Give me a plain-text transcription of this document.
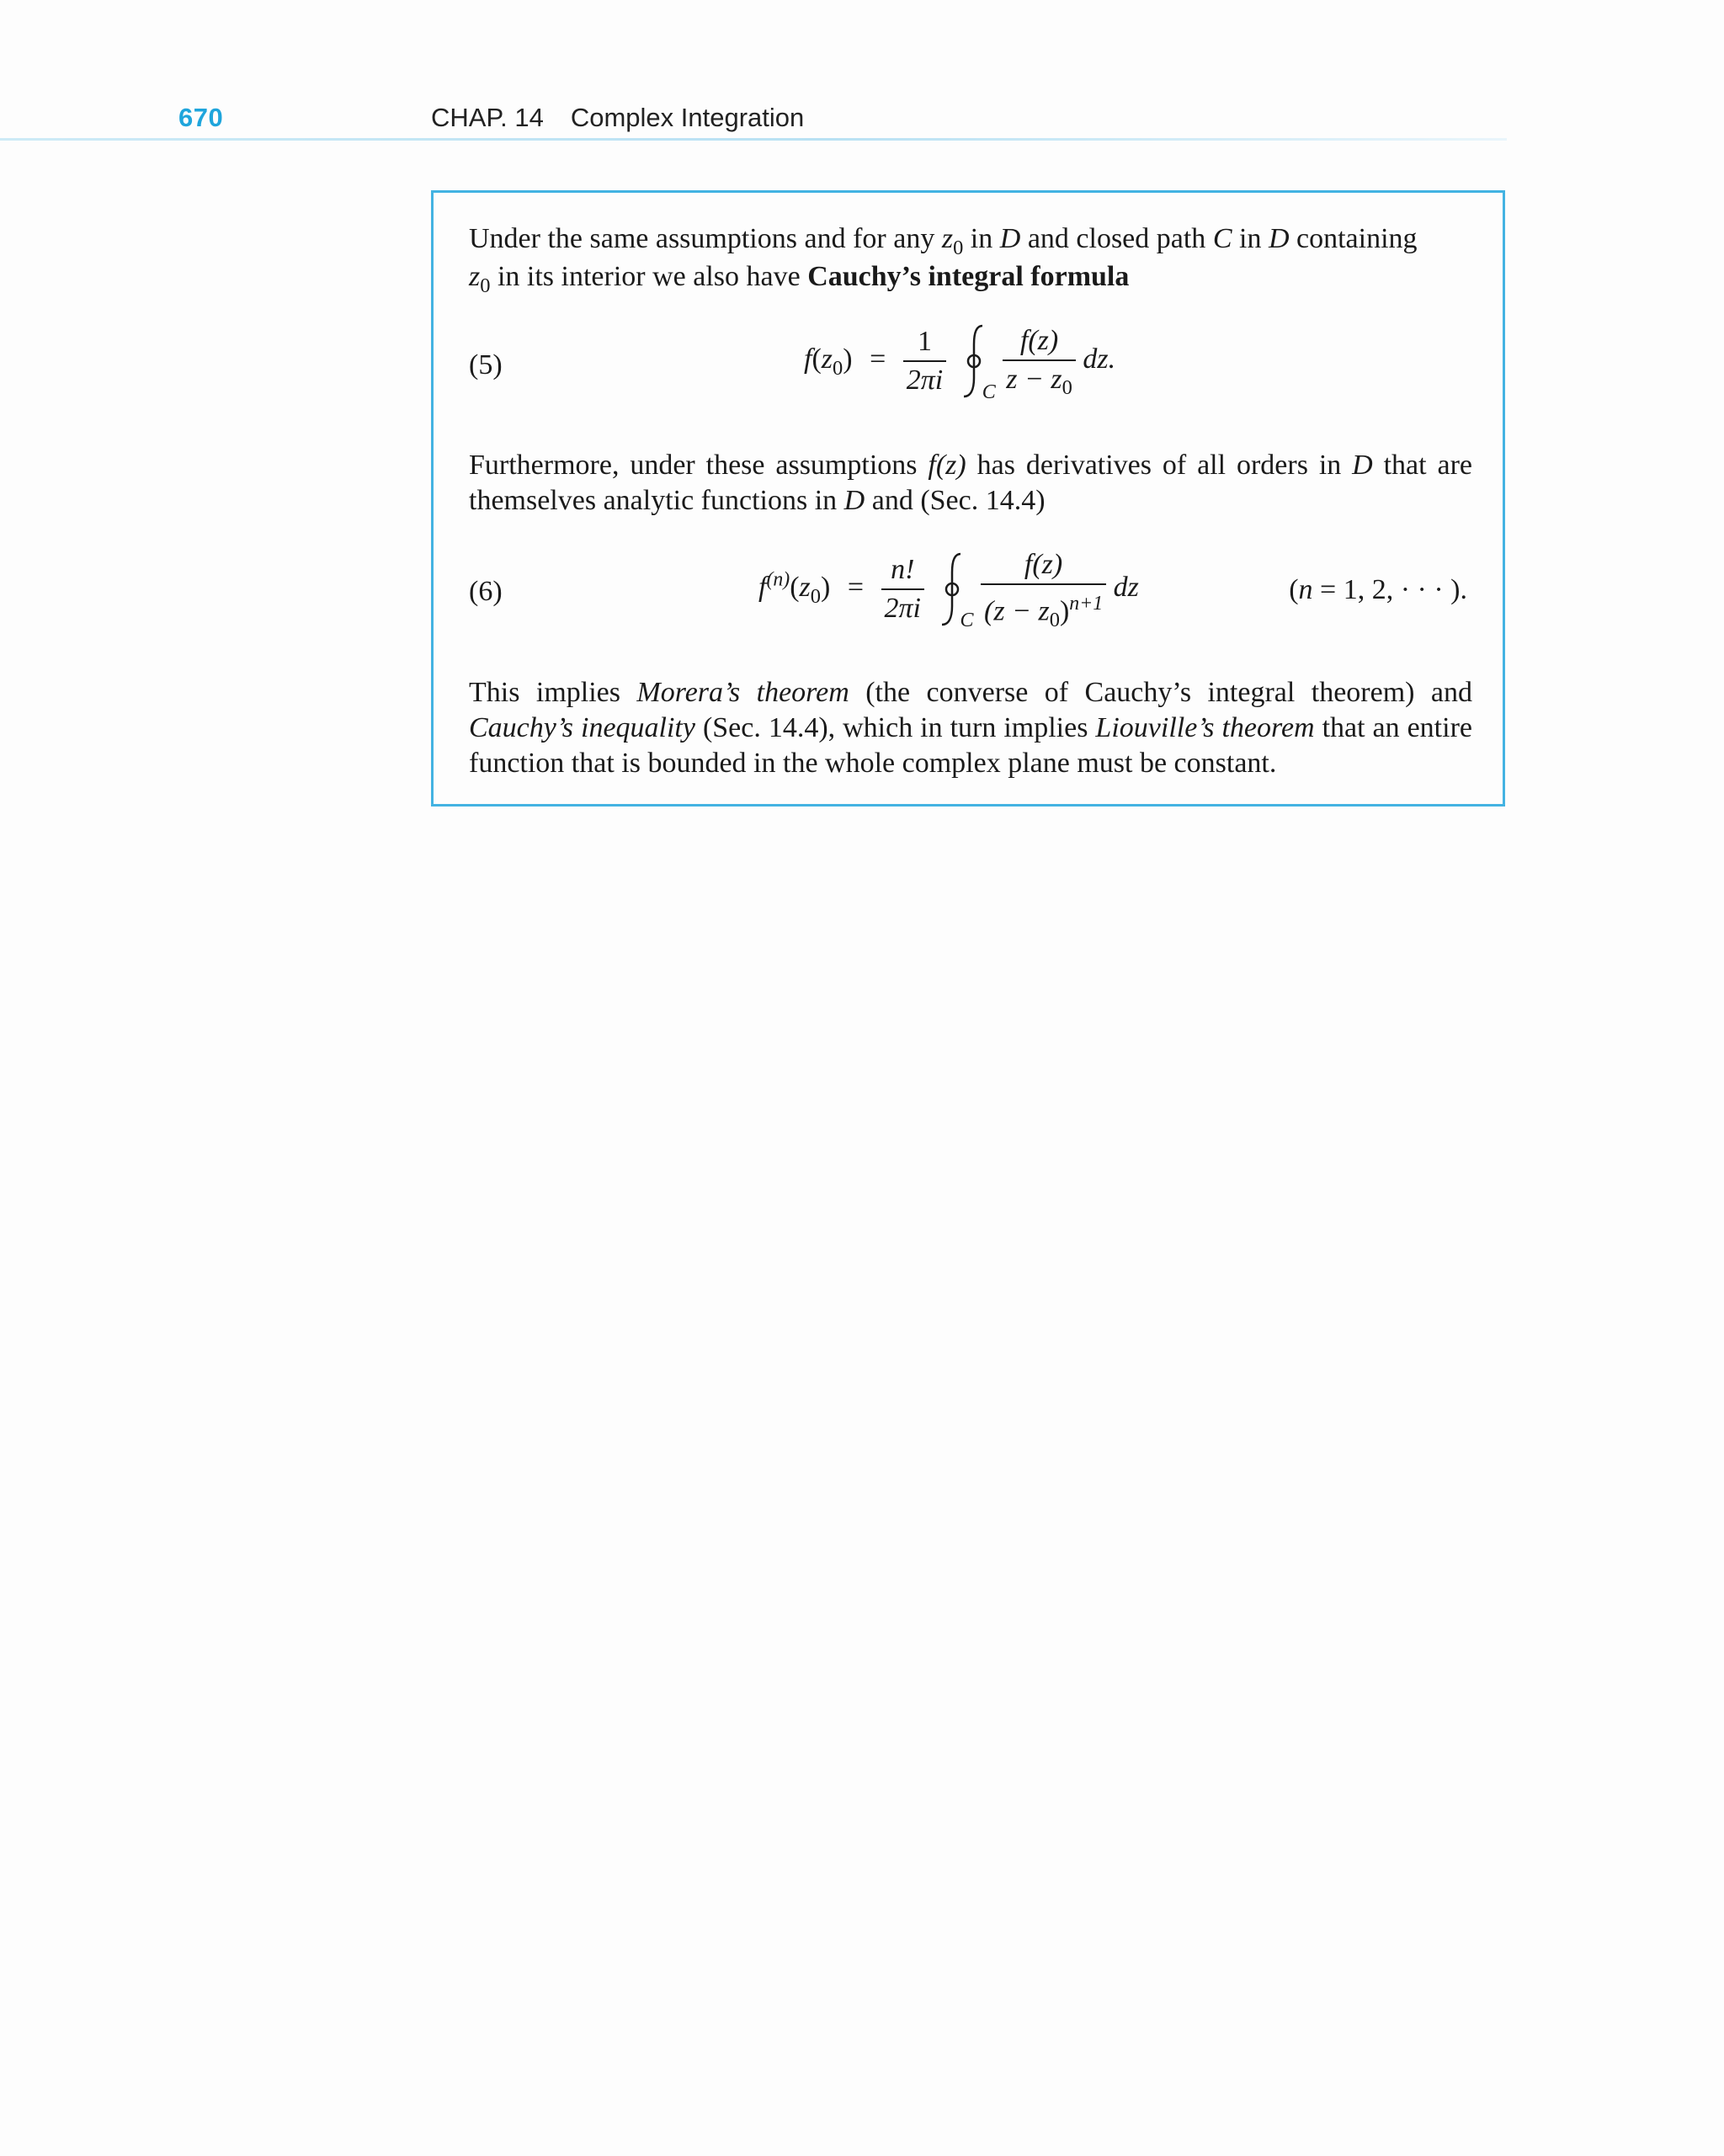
670	CHAP. 14 Complex Integration
Under the same assumptions and for any $z_0$ in D and closed path C in D containing
$z_0$ in its interior we also have Cauchy’s integral formula
(5)	$f(z_0) = \frac{1}{2\pi i}$
C
$\frac{f(z)}{z - z_0}$ dz.
Furthermore, under these assumptions f(z) has derivatives of all orders in D that are themselves analytic functions in D and (Sec. 14.4)
(6)	$f^{(n)}(z_0) = \frac{n!}{2\pi i}$
C
$\frac{f(z)}{(z - z_0)^{n+1}}$ dz	(n = 1, 2, · · · ).
This implies Morera’s theorem (the converse of Cauchy’s integral theorem) and Cauchy’s inequality (Sec. 14.4), which in turn implies Liouville’s theorem that an entire function that is bounded in the whole complex plane must be constant.
